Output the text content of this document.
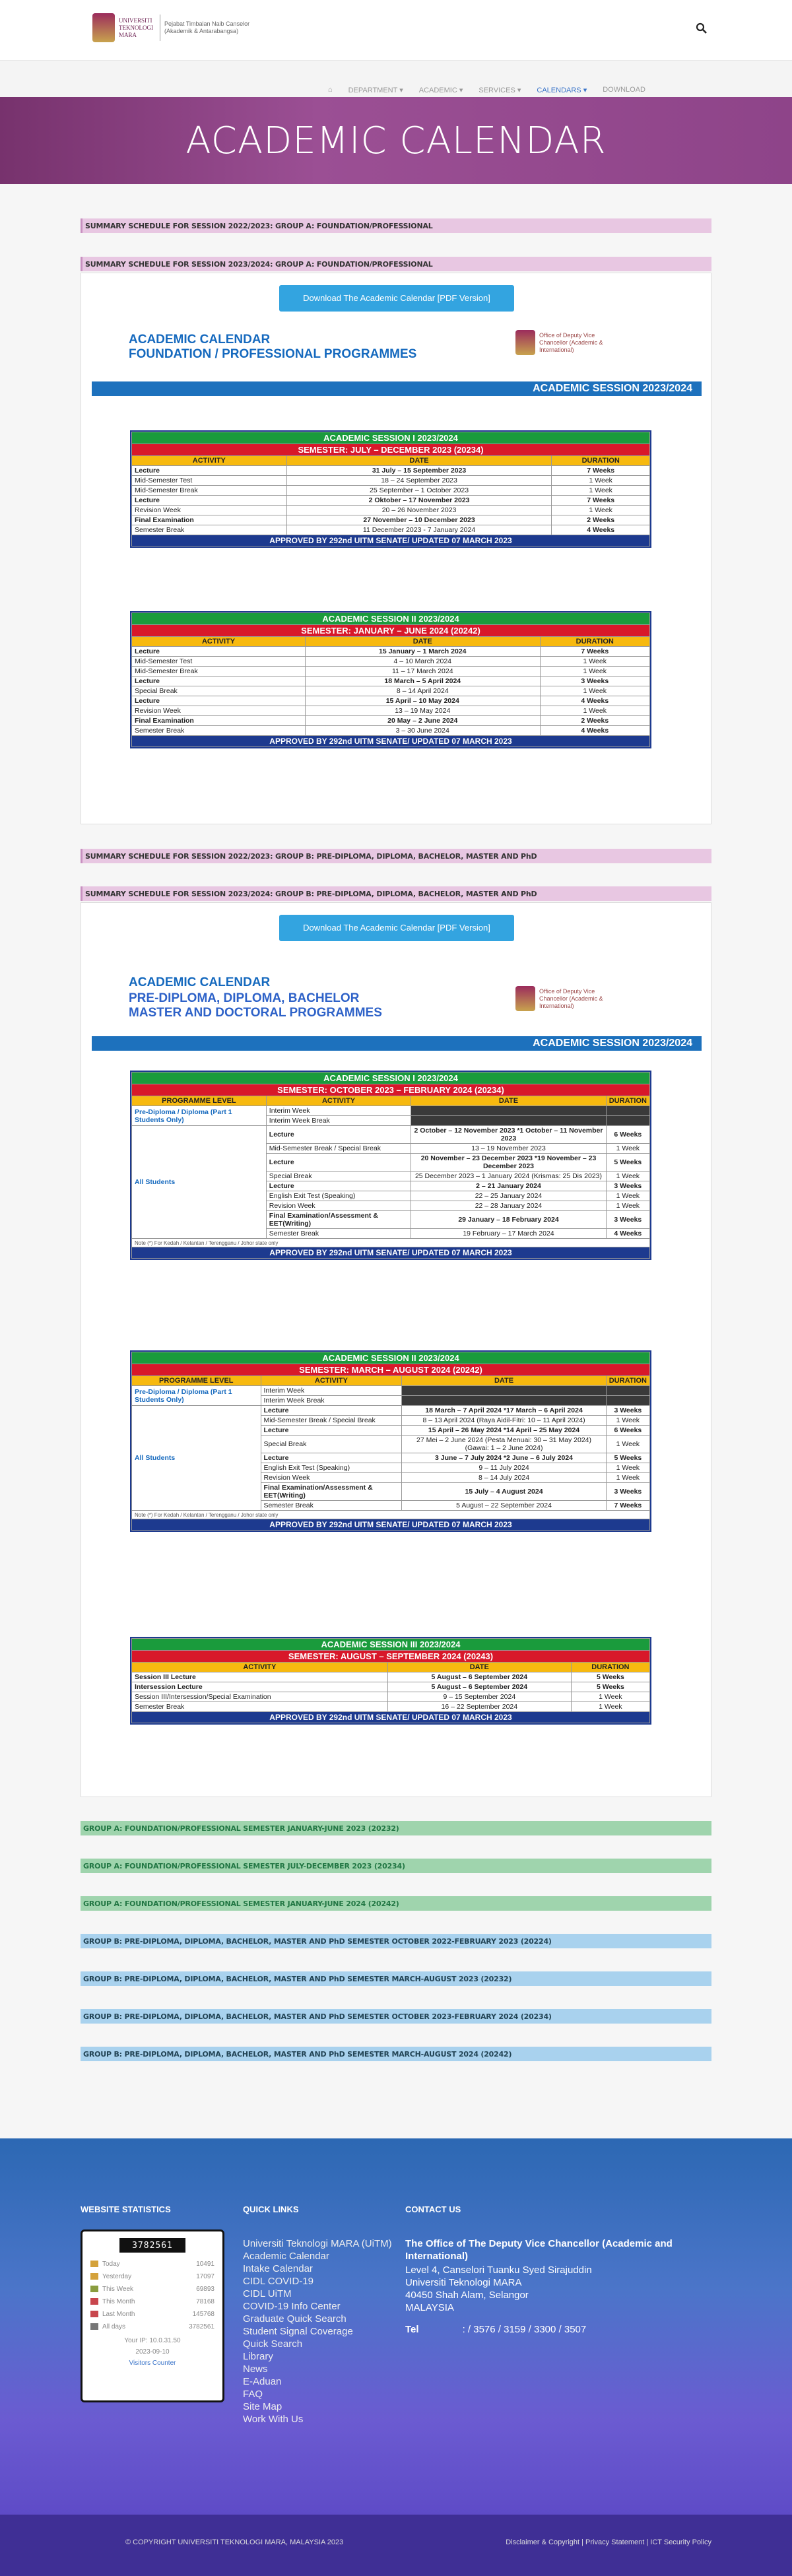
UNIVERSITI TEKNOLOGI MARA
Pejabat Timbalan Naib Canselor (Akademik & Antarabangsa)
⌂ DEPARTMENT ▾ ACADEMIC ▾ SERVICES ▾ CALENDARS ▾ DOWNLOAD
ACADEMIC CALENDAR
SUMMARY SCHEDULE FOR SESSION 2022/2023: GROUP A: FOUNDATION/PROFESSIONAL
SUMMARY SCHEDULE FOR SESSION 2023/2024: GROUP A: FOUNDATION/PROFESSIONAL
Download The Academic Calendar [PDF Version]
ACADEMIC CALENDAR
FOUNDATION / PROFESSIONAL PROGRAMMES
Office of Deputy Vice Chancellor (Academic & International)
ACADEMIC SESSION 2023/2024
ACADEMIC SESSION I 2023/2024		
SEMESTER: JULY – DECEMBER 2023 (20234)		
ACTIVITY	DATE	DURATION
Lecture	31 July – 15 September 2023	7 Weeks
Mid-Semester Test	18 – 24 September 2023	1 Week
Mid-Semester Break	25 September – 1 October 2023	1 Week
Lecture	2 Oktober – 17 November 2023	7 Weeks
Revision Week	20 – 26 November 2023	1 Week
Final Examination	27 November – 10 December 2023	2 Weeks
Semester Break	11 December 2023 - 7 January 2024	4 Weeks
APPROVED BY 292nd UITM SENATE/ UPDATED 07 MARCH 2023		
ACADEMIC SESSION II 2023/2024		
SEMESTER: JANUARY – JUNE 2024 (20242)		
ACTIVITY	DATE	DURATION
Lecture	15 January – 1 March 2024	7 Weeks
Mid-Semester Test	4 – 10 March 2024	1 Week
Mid-Semester Break	11 – 17 March 2024	1 Week
Lecture	18 March – 5 April 2024	3 Weeks
Special Break	8 – 14 April 2024	1 Week
Lecture	15 April – 10 May 2024	4 Weeks
Revision Week	13 – 19 May 2024	1 Week
Final Examination	20 May – 2 June 2024	2 Weeks
Semester Break	3 – 30 June 2024	4 Weeks
APPROVED BY 292nd UITM SENATE/ UPDATED 07 MARCH 2023		
SUMMARY SCHEDULE FOR SESSION 2022/2023: GROUP B: PRE-DIPLOMA, DIPLOMA, BACHELOR, MASTER AND PhD
SUMMARY SCHEDULE FOR SESSION 2023/2024: GROUP B: PRE-DIPLOMA, DIPLOMA, BACHELOR, MASTER AND PhD
Download The Academic Calendar [PDF Version]
ACADEMIC CALENDAR
PRE-DIPLOMA, DIPLOMA, BACHELOR
MASTER AND DOCTORAL PROGRAMMES
Office of Deputy Vice Chancellor (Academic & International)
ACADEMIC SESSION 2023/2024
ACADEMIC SESSION I 2023/2024			
SEMESTER: OCTOBER 2023 – FEBRUARY 2024 (20234)			
PROGRAMME LEVEL	ACTIVITY	DATE	DURATION
Pre-Diploma / Diploma (Part 1 Students Only)	Interim Week		
	Interim Week Break		
All Students	Lecture	2 October – 12 November 2023 *1 October – 11 November 2023	6 Weeks
	Mid-Semester Break / Special Break	13 – 19 November 2023	1 Week
	Lecture	20 November – 23 December 2023 *19 November – 23 December 2023	5 Weeks
	Special Break	25 December 2023 – 1 January 2024 (Krismas: 25 Dis 2023)	1 Week
	Lecture	2 – 21 January 2024	3 Weeks
	English Exit Test (Speaking)	22 – 25 January 2024	1 Week
	Revision Week	22 – 28 January 2024	1 Week
	Final Examination/Assessment & EET(Writing)	29 January – 18 February 2024	3 Weeks
	Semester Break	19 February – 17 March 2024	4 Weeks
Note (*) For Kedah / Kelantan / Terengganu / Johor state only			
APPROVED BY 292nd UITM SENATE/ UPDATED 07 MARCH 2023			
ACADEMIC SESSION II 2023/2024			
SEMESTER: MARCH – AUGUST 2024 (20242)			
PROGRAMME LEVEL	ACTIVITY	DATE	DURATION
Pre-Diploma / Diploma (Part 1 Students Only)	Interim Week		
	Interim Week Break		
All Students	Lecture	18 March – 7 April 2024 *17 March – 6 April 2024	3 Weeks
	Mid-Semester Break / Special Break	8 – 13 April 2024 (Raya Aidil-Fitri: 10 – 11 April 2024)	1 Week
	Lecture	15 April – 26 May 2024 *14 April – 25 May 2024	6 Weeks
	Special Break	27 Mei – 2 June 2024 (Pesta Menuai: 30 – 31 May 2024) (Gawai: 1 – 2 June 2024)	1 Week
	Lecture	3 June – 7 July 2024 *2 June – 6 July 2024	5 Weeks
	English Exit Test (Speaking)	9 – 11 July 2024	1 Week
	Revision Week	8 – 14 July 2024	1 Week
	Final Examination/Assessment & EET(Writing)	15 July – 4 August 2024	3 Weeks
	Semester Break	5 August – 22 September 2024	7 Weeks
Note (*) For Kedah / Kelantan / Terengganu / Johor state only			
APPROVED BY 292nd UITM SENATE/ UPDATED 07 MARCH 2023			
ACADEMIC SESSION III 2023/2024		
SEMESTER: AUGUST – SEPTEMBER 2024 (20243)		
ACTIVITY	DATE	DURATION
Session III Lecture	5 August – 6 September 2024	5 Weeks
Intersession Lecture	5 August – 6 September 2024	5 Weeks
Session III/Intersession/Special Examination	9 – 15 September 2024	1 Week
Semester Break	16 – 22 September 2024	1 Week
APPROVED BY 292nd UITM SENATE/ UPDATED 07 MARCH 2023		
GROUP A: FOUNDATION/PROFESSIONAL SEMESTER JANUARY-JUNE 2023 (20232)
GROUP A: FOUNDATION/PROFESSIONAL SEMESTER JULY-DECEMBER 2023 (20234)
GROUP A: FOUNDATION/PROFESSIONAL SEMESTER JANUARY-JUNE 2024 (20242)
GROUP B: PRE-DIPLOMA, DIPLOMA, BACHELOR, MASTER AND PhD SEMESTER OCTOBER 2022-FEBRUARY 2023 (20224)
GROUP B: PRE-DIPLOMA, DIPLOMA, BACHELOR, MASTER AND PhD SEMESTER MARCH-AUGUST 2023 (20232)
GROUP B: PRE-DIPLOMA, DIPLOMA, BACHELOR, MASTER AND PhD SEMESTER OCTOBER 2023-FEBRUARY 2024 (20234)
GROUP B: PRE-DIPLOMA, DIPLOMA, BACHELOR, MASTER AND PhD SEMESTER MARCH-AUGUST 2024 (20242)
WEBSITE STATISTICS	QUICK LINKS	CONTACT US
3782561
Today	10491
Yesterday	17097
This Week	69893
This Month	78168
Last Month	145768
All days	3782561
Your IP: 10.0.31.50
2023-09-10
Visitors Counter
Universiti Teknologi MARA (UiTM)
Academic Calendar
Intake Calendar
CIDL COVID-19
CIDL UiTM
COVID-19 Info Center
Graduate Quick Search
Student Signal Coverage
Quick Search
Library
News
E-Aduan
FAQ
Site Map
Work With Us
The Office of The Deputy Vice Chancellor (Academic and International)
Level 4, Canselori Tuanku Syed Sirajuddin
Universiti Teknologi MARA
40450 Shah Alam, Selangor
MALAYSIA
Tel	: / 3576 / 3159 / 3300 / 3507
© COPYRIGHT UNIVERSITI TEKNOLOGI MARA, MALAYSIA 2023	Disclaimer & Copyright | Privacy Statement | ICT Security Policy
